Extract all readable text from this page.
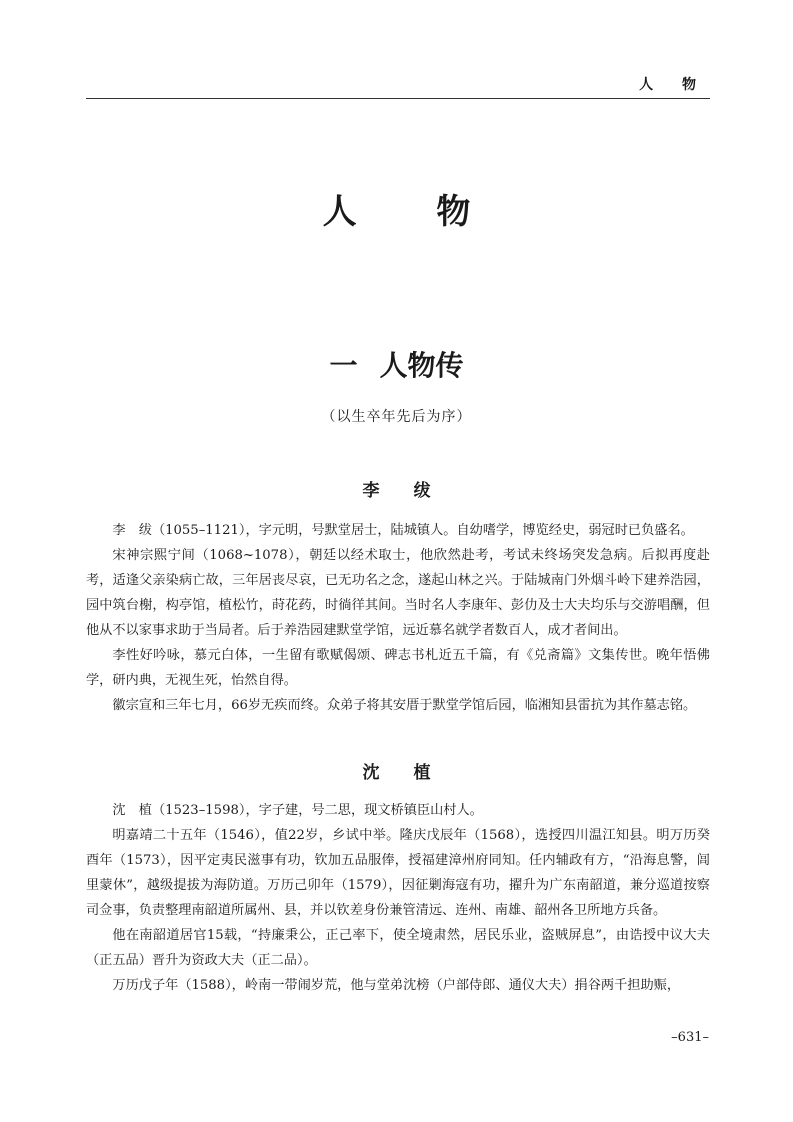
人 物
人 物
一 人物传
（以生卒年先后为序）
李 绂

李　绂（1055–1121），字元明，号默堂居士，陆城镇人。自幼嗜学，博览经史，弱冠时已负盛名。

宋神宗熙宁间（1068~1078），朝廷以经术取士，他欣然赴考，考试未终场突发急病。后拟再度赴考，适逢父亲染病亡故，三年居丧尽哀，已无功名之念，遂起山林之兴。于陆城南门外烟斗岭下建养浩园，园中筑台榭，构亭馆，植松竹，莳花药，时徜徉其间。当时名人李康年、彭仂及士大夫均乐与交游唱酬，但他从不以家事求助于当局者。后于养浩园建默堂学馆，远近慕名就学者数百人，成才者间出。

李性好吟咏，慕元白体，一生留有歌赋偈颂、碑志书札近五千篇，有《兑斋篇》文集传世。晚年悟佛学，研内典，无视生死，怡然自得。

徽宗宣和三年七月，66岁无疾而终。众弟子将其安厝于默堂学馆后园，临湘知县雷抗为其作墓志铭。

沈 植

沈　植（1523–1598），字子建，号二思，现文桥镇臣山村人。

明嘉靖二十五年（1546），值22岁，乡试中举。隆庆戊辰年（1568），选授四川温江知县。明万历癸酉年（1573），因平定夷民滋事有功，钦加五品服俸，授福建漳州府同知。任内辅政有方，“沿海息警，闾里蒙休”，越级提拔为海防道。万历己卯年（1579），因征剿海寇有功，擢升为广东南韶道，兼分巡道按察司佥事，负责整理南韶道所属州、县，并以钦差身份兼管清远、连州、南雄、韶州各卫所地方兵备。

他在南韶道居官15载，“持廉秉公，正己率下，使全境肃然，居民乐业，盗贼屏息”，由诰授中议大夫（正五品）晋升为资政大夫（正二品）。

万历戊子年（1588），岭南一带闹岁荒，他与堂弟沈榜（户部侍郎、通仪大夫）捐谷两千担助赈，

–631–
